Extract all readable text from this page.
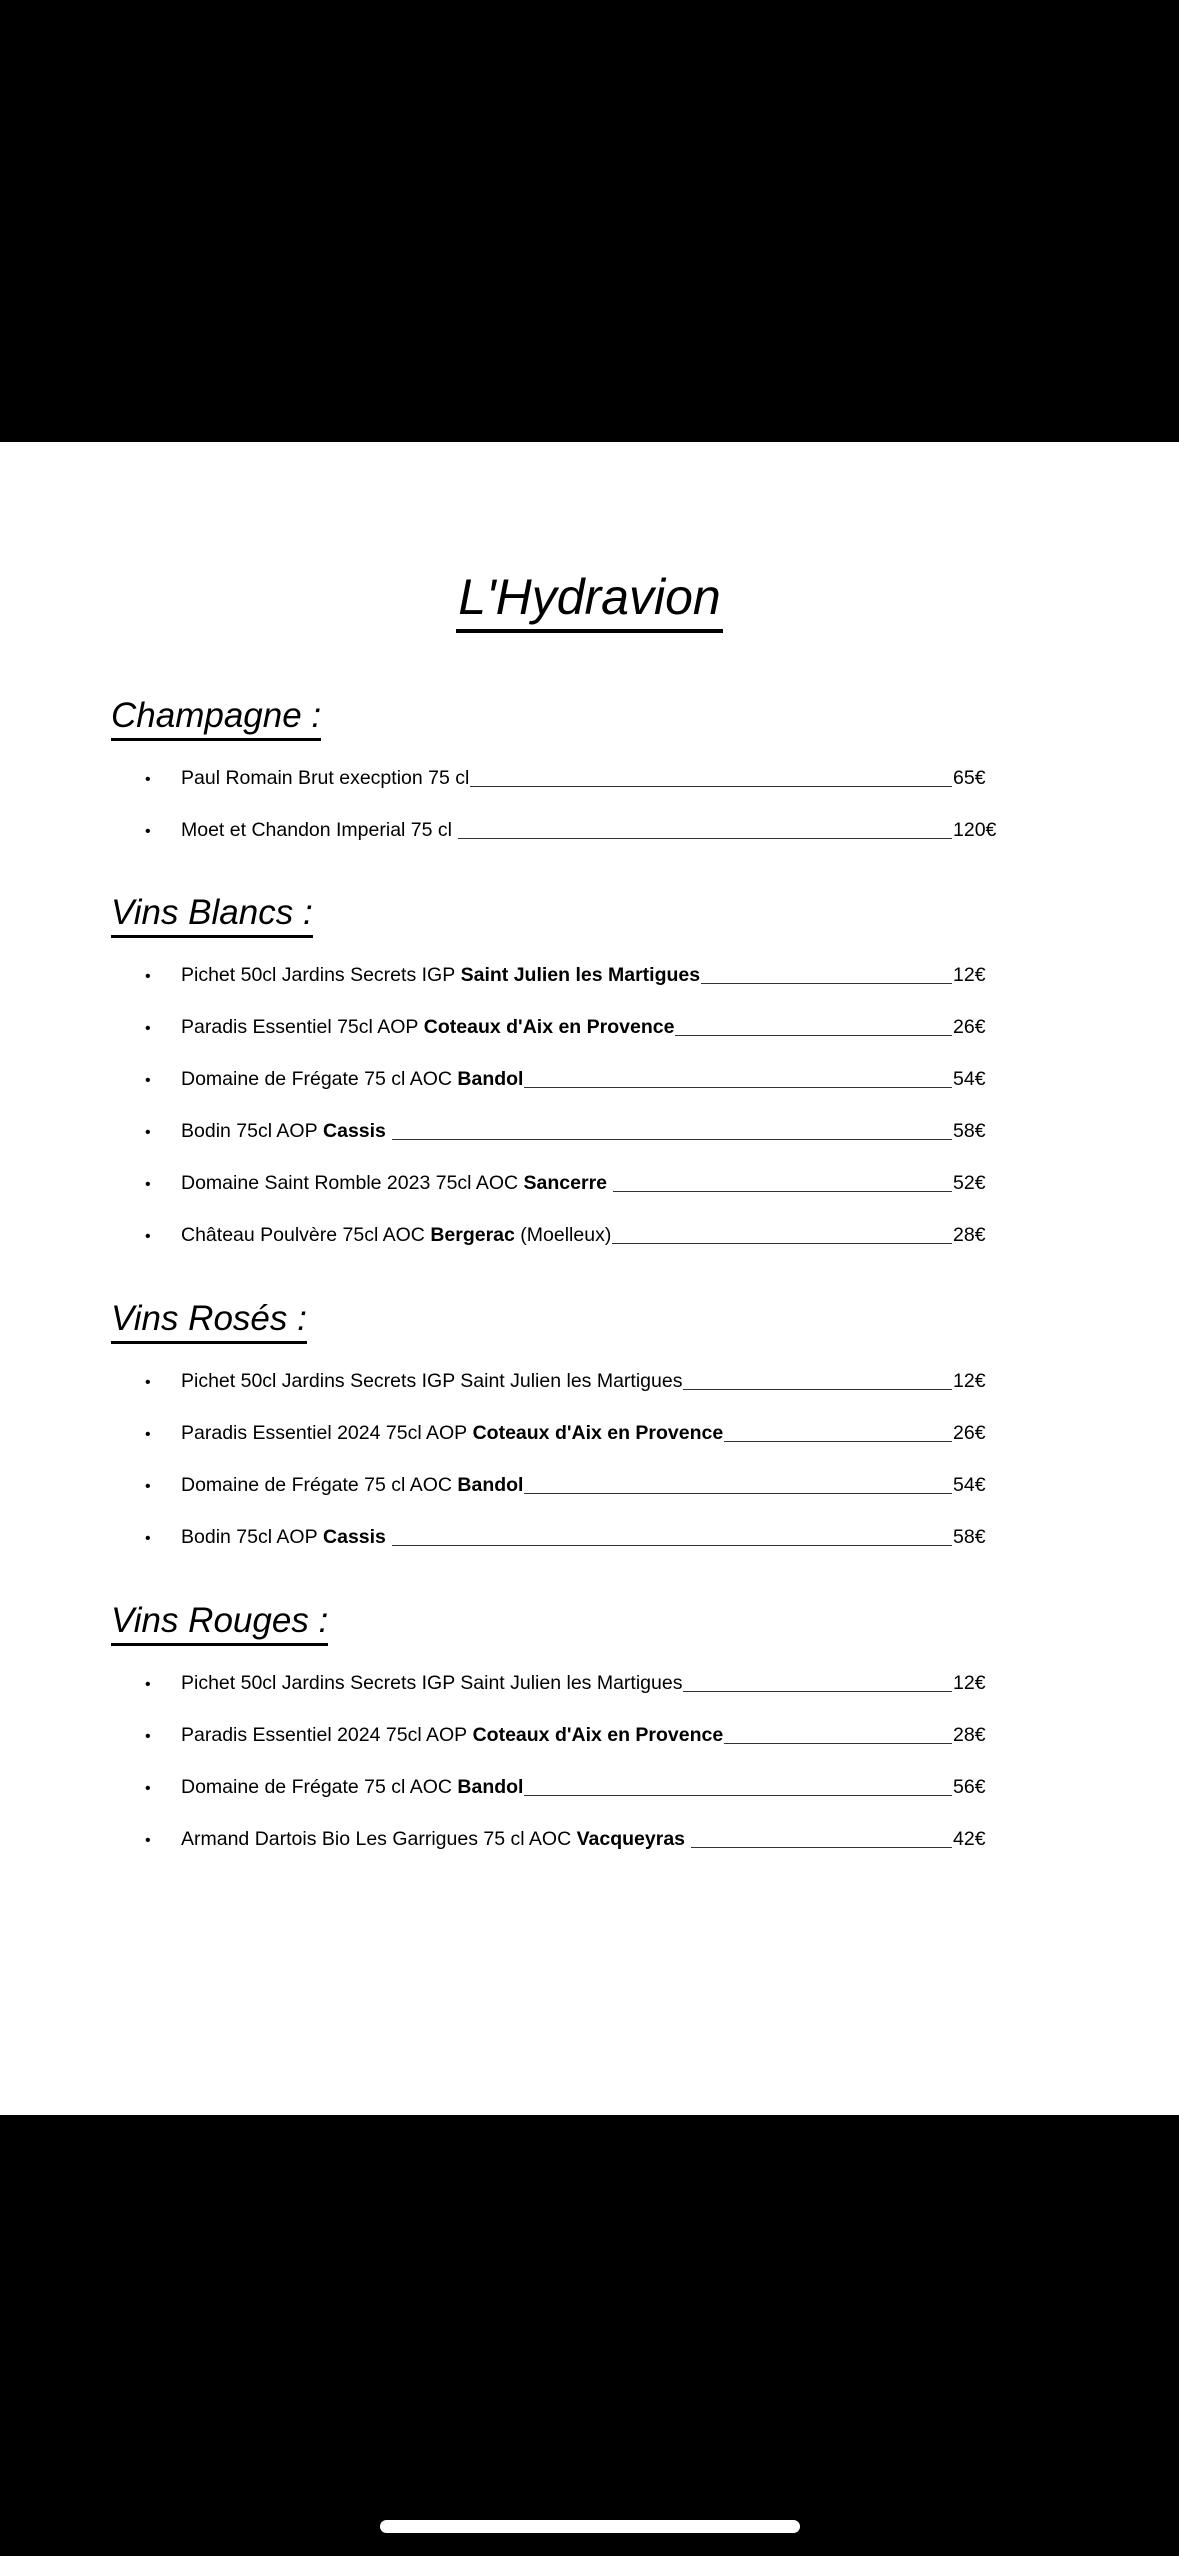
L'Hydravion
Champagne :
•	Paul Romain Brut execption 75 cl	65€
•	Moet et Chandon Imperial 75 cl	120€
Vins Blancs :
•	Pichet 50cl Jardins Secrets IGP Saint Julien les Martigues	12€
•	Paradis Essentiel 75cl AOP Coteaux d'Aix en Provence	26€
•	Domaine de Frégate 75 cl AOC Bandol	54€
•	Bodin 75cl AOP Cassis	58€
•	Domaine Saint Romble 2023 75cl AOC Sancerre	52€
•	Château Poulvère 75cl AOC Bergerac (Moelleux)	28€
Vins Rosés :
•	Pichet 50cl Jardins Secrets IGP Saint Julien les Martigues	12€
•	Paradis Essentiel 2024 75cl AOP Coteaux d'Aix en Provence	26€
•	Domaine de Frégate 75 cl AOC Bandol	54€
•	Bodin 75cl AOP Cassis	58€
Vins Rouges :
•	Pichet 50cl Jardins Secrets IGP Saint Julien les Martigues	12€
•	Paradis Essentiel 2024 75cl AOP Coteaux d'Aix en Provence	28€
•	Domaine de Frégate 75 cl AOC Bandol	56€
•	Armand Dartois Bio Les Garrigues 75 cl AOC Vacqueyras	42€
